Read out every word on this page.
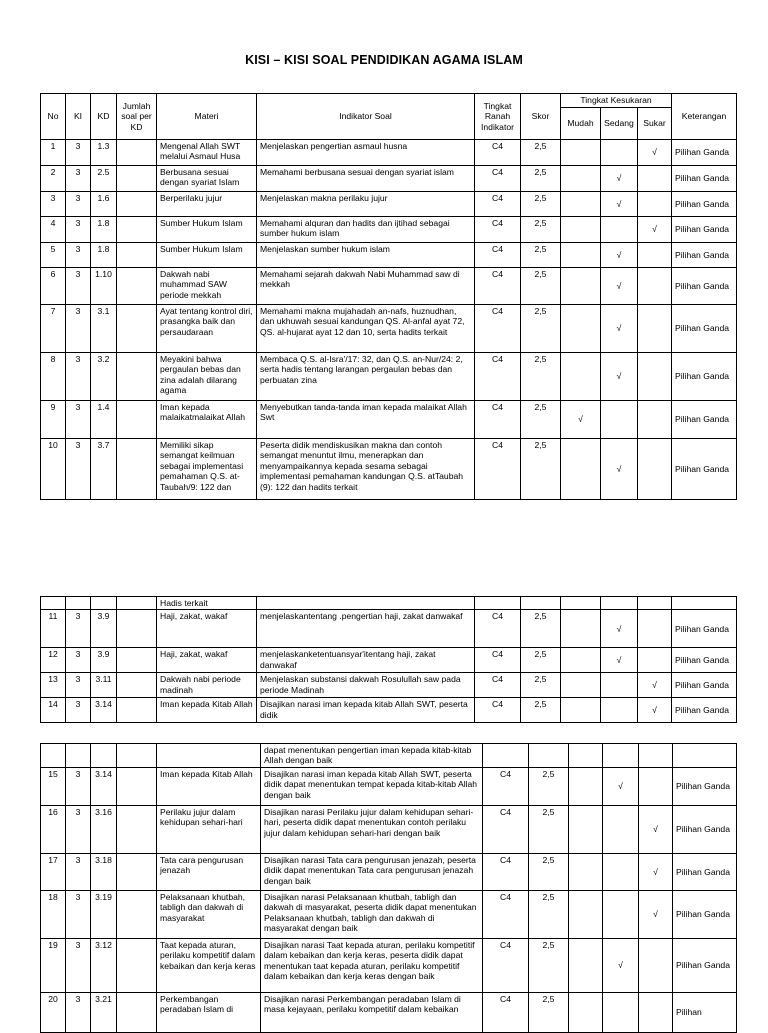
KISI – KISI SOAL PENDIDIKAN AGAMA ISLAM
No	KI	KD	Jumlah soal per KD	Materi	Indikator Soal	Tingkat Ranah Indikator	Skor	Tingkat Kesukaran			Keterangan
								Mudah	Sedang	Sukar	
1	3	1.3		Mengenal Allah SWT melalui Asmaul Husa	Menjelaskan pengertian asmaul husna	C4	2,5			√	Pilihan Ganda
2	3	2.5		Berbusana sesuai dengan syariat Islam	Memahami berbusana sesuai dengan syariat islam	C4	2,5		√		Pilihan Ganda
3	3	1.6		Berperilaku jujur	Menjelaskan makna perilaku jujur	C4	2,5		√		Pilihan Ganda
4	3	1.8		Sumber Hukum Islam	Memahami alquran dan hadits dan ijtihad sebagai sumber hukum islam	C4	2,5			√	Pilihan Ganda
5	3	1.8		Sumber Hukum Islam	Menjelaskan sumber hukum islam	C4	2,5		√		Pilihan Ganda
6	3	1.10		Dakwah nabi muhammad SAW periode mekkah	Memahami sejarah dakwah Nabi Muhammad saw di mekkah	C4	2,5		√		Pilihan Ganda
7	3	3.1		Ayat tentang kontrol diri, prasangka baik dan persaudaraan	Memahami makna mujahadah an-nafs, huznudhan, dan ukhuwah sesuai kandungan QS. Al-anfal ayat 72, QS. al-hujarat ayat 12 dan 10, serta hadits terkait	C4	2,5		√		Pilihan Ganda
8	3	3.2		Meyakini bahwa pergaulan bebas dan zina adalah dilarang agama	Membaca Q.S. al-Isra'/17: 32, dan Q.S. an-Nur/24: 2, serta hadis tentang larangan pergaulan bebas dan perbuatan zina	C4	2,5		√		Pilihan Ganda
9	3	1.4		Iman kepada malaikatmalaikat Allah	Menyebutkan tanda-tanda iman kepada malaikat Allah Swt	C4	2,5	√			Pilihan Ganda
10	3	3.7		Memiliki sikap semangat keilmuan sebagai implementasi pemahaman Q.S. at-Taubah/9: 122 dan	Peserta didik mendiskusikan makna dan contoh semangat menuntut ilmu, menerapkan dan menyampaikannya kepada sesama sebagai implementasi pemahaman kandungan Q.S. atTaubah (9): 122 dan hadits terkait	C4	2,5		√		Pilihan Ganda
				Hadis terkait							
11	3	3.9		Haji, zakat, wakaf	menjelaskantentang .pengertian haji, zakat danwakaf	C4	2,5		√		Pilihan Ganda
12	3	3.9		Haji, zakat, wakaf	menjelaskanketentuansyar'itentang haji, zakat danwakaf	C4	2,5		√		Pilihan Ganda
13	3	3.11		Dakwah nabi periode madinah	Menjelaskan substansi dakwah Rosulullah saw pada periode Madinah	C4	2,5			√	Pilihan Ganda
14	3	3.14		Iman kepada Kitab Allah	Disajikan narasi iman kepada kitab Allah SWT, peserta didik	C4	2,5			√	Pilihan Ganda
					dapat menentukan pengertian iman kepada kitab-kitab Allah dengan baik						
15	3	3.14		Iman kepada Kitab Allah	Disajikan narasi iman kepada kitab Allah SWT, peserta didik dapat menentukan tempat kepada kitab-kitab Allah dengan baik	C4	2,5		√		Pilihan Ganda
16	3	3.16		Perilaku jujur dalam kehidupan sehari-hari	Disajikan narasi Perilaku jujur dalam kehidupan sehari-hari, peserta didik dapat menentukan contoh perilaku jujur dalam kehidupan sehari-hari dengan baik	C4	2,5			√	Pilihan Ganda
17	3	3.18		Tata cara pengurusan jenazah	Disajikan narasi Tata cara pengurusan jenazah, peserta didik dapat menentukan Tata cara pengurusan jenazah dengan baik	C4	2,5			√	Pilihan Ganda
18	3	3.19		Pelaksanaan khutbah, tabligh dan dakwah di masyarakat	Disajikan narasi Pelaksanaan khutbah, tabligh dan dakwah di masyarakat, peserta didik dapat menentukan Pelaksanaan khutbah, tabligh dan dakwah di masyarakat dengan baik	C4	2,5			√	Pilihan Ganda
19	3	3.12		Taat kepada aturan, perilaku kompetitif dalam kebaikan dan kerja keras	Disajikan narasi Taat kepada aturan, perilaku kompetitif dalam kebaikan dan kerja keras, peserta didik dapat menentukan taat kepada aturan, perilaku kompetitif dalam kebaikan dan kerja keras dengan baik	C4	2,5		√		Pilihan Ganda
20	3	3.21		Perkembangan peradaban Islam di	Disajikan narasi Perkembangan peradaban Islam di masa kejayaan, perilaku kompetitif dalam kebaikan	C4	2,5				Pilihan
